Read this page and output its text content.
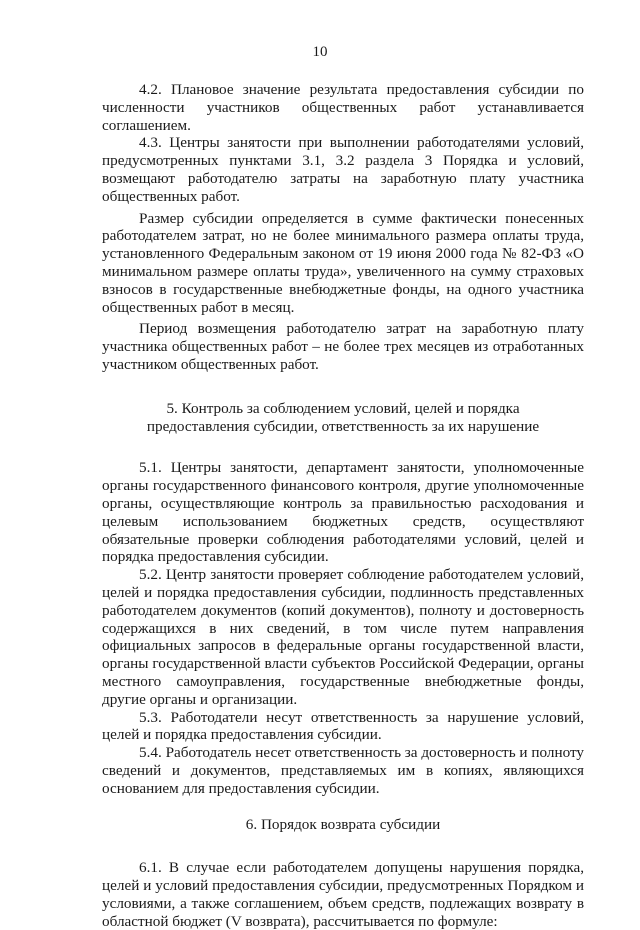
10

4.2. Плановое значение результата предоставления субсидии по численности участников общественных работ устанавливается соглашением.

4.3. Центры занятости при выполнении работодателями условий, предусмотренных пунктами 3.1, 3.2 раздела 3 Порядка и условий, возмещают работодателю затраты на заработную плату участника общественных работ.

Размер субсидии определяется в сумме фактически понесенных работодателем затрат, но не более минимального размера оплаты труда, установленного Федеральным законом от 19 июня 2000 года № 82-ФЗ «О минимальном размере оплаты труда», увеличенного на сумму страховых взносов в государственные внебюджетные фонды, на одного участника общественных работ в месяц.

Период возмещения работодателю затрат на заработную плату участника общественных работ – не более трех месяцев из отработанных участником общественных работ.

5. Контроль за соблюдением условий, целей и порядка предоставления субсидии, ответственность за их нарушение

5.1. Центры занятости, департамент занятости, уполномоченные органы государственного финансового контроля, другие уполномоченные органы, осуществляющие контроль за правильностью расходования и целевым использованием бюджетных средств, осуществляют обязательные проверки соблюдения работодателями условий, целей и порядка предоставления субсидии.

5.2. Центр занятости проверяет соблюдение работодателем условий, целей и порядка предоставления субсидии, подлинность представленных работодателем документов (копий документов), полноту и достоверность содержащихся в них сведений, в том числе путем направления официальных запросов в федеральные органы государственной власти, органы государственной власти субъектов Российской Федерации, органы местного самоуправления, государственные внебюджетные фонды, другие органы и организации.

5.3. Работодатели несут ответственность за нарушение условий, целей и порядка предоставления субсидии.

5.4. Работодатель несет ответственность за достоверность и полноту сведений и документов, представляемых им в копиях, являющихся основанием для предоставления субсидии.

6. Порядок возврата субсидии

6.1. В случае если работодателем допущены нарушения порядка, целей и условий предоставления субсидии, предусмотренных Порядком и условиями, а также соглашением, объем средств, подлежащих возврату в областной бюджет (V возврата), рассчитывается по формуле:
